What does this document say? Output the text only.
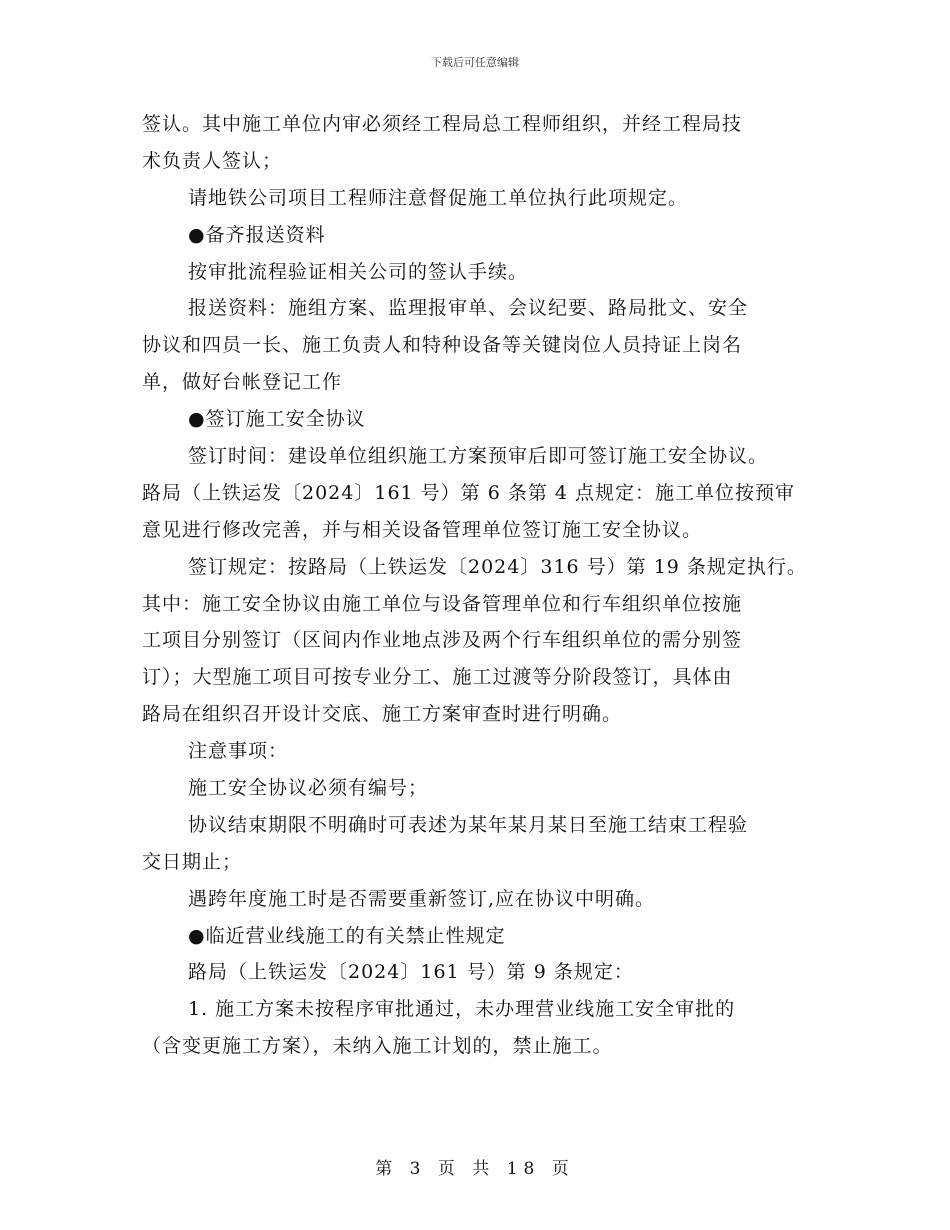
下载后可任意编辑
签认。其中施工单位内审必须经工程局总工程师组织，并经工程局技
术负责人签认；
请地铁公司项目工程师注意督促施工单位执行此项规定。
●备齐报送资料
按审批流程验证相关公司的签认手续。
报送资料：施组方案、监理报审单、会议纪要、路局批文、安全
协议和四员一长、施工负责人和特种设备等关键岗位人员持证上岗名
单，做好台帐登记工作
●签订施工安全协议
签订时间：建设单位组织施工方案预审后即可签订施工安全协议。
路局（上铁运发〔2024〕161 号）第 6 条第 4 点规定：施工单位按预审
意见进行修改完善，并与相关设备管理单位签订施工安全协议。
签订规定：按路局（上铁运发〔2024〕316 号）第 19 条规定执行。
其中：施工安全协议由施工单位与设备管理单位和行车组织单位按施
工项目分别签订（区间内作业地点涉及两个行车组织单位的需分别签
订）；大型施工项目可按专业分工、施工过渡等分阶段签订，具体由
路局在组织召开设计交底、施工方案审查时进行明确。
注意事项：
施工安全协议必须有编号；
协议结束期限不明确时可表述为某年某月某日至施工结束工程验
交日期止；
遇跨年度施工时是否需要重新签订,应在协议中明确。
●临近营业线施工的有关禁止性规定
路局（上铁运发〔2024〕161 号）第 9 条规定：
1. 施工方案未按程序审批通过，未办理营业线施工安全审批的
（含变更施工方案），未纳入施工计划的，禁止施工。
第 3 页 共 18 页
